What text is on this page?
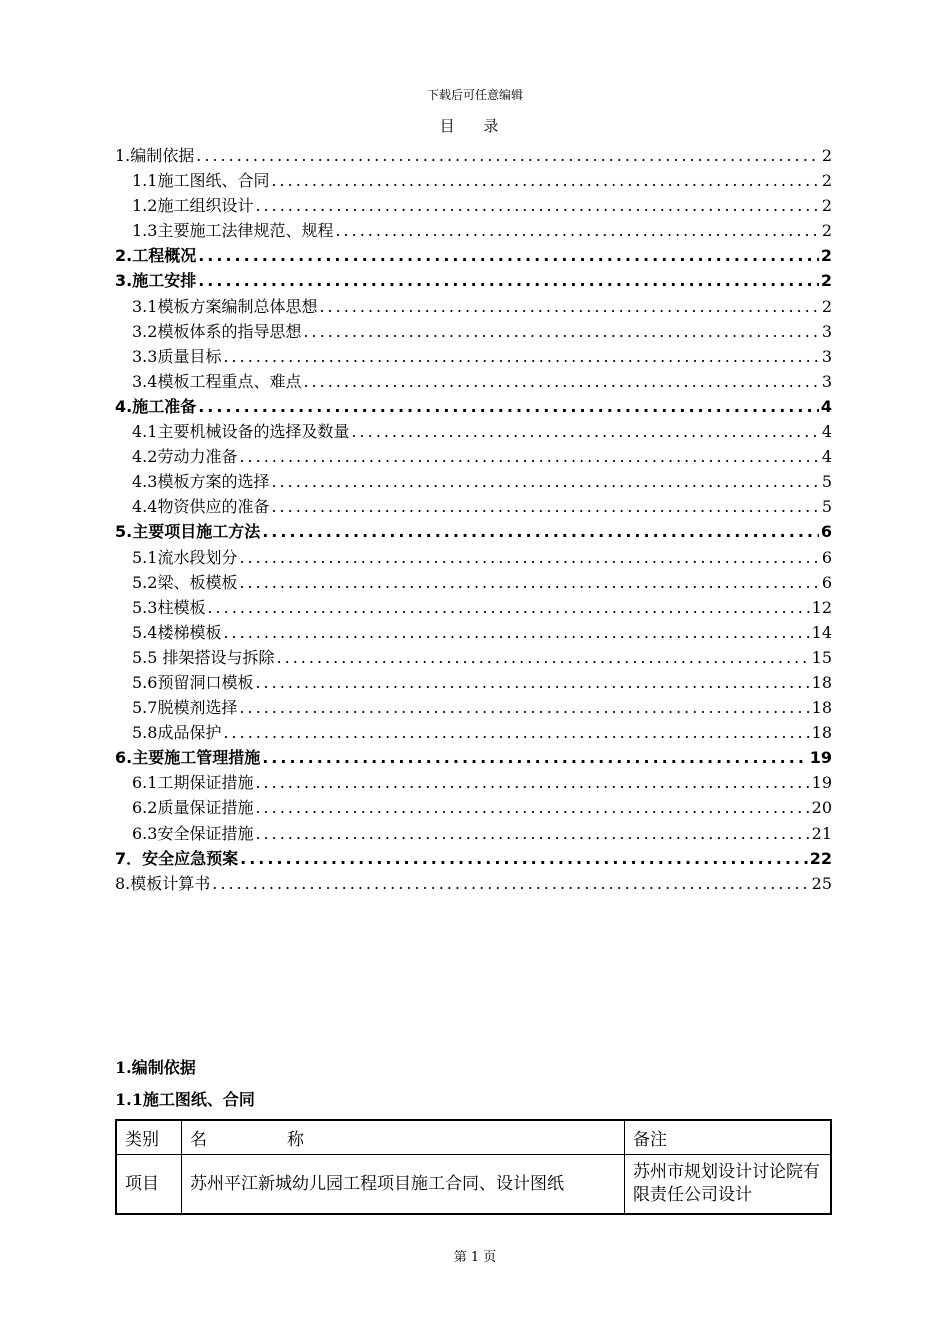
下载后可任意编辑
目 录
1.编制依据 .....	2
1.1施工图纸、合同 .....	2
1.2施工组织设计 .....	2
1.3主要施工法律规范、规程 .....	2
2.工程概况 .....	2
3.施工安排 .....	2
3.1模板方案编制总体思想 .....	2
3.2模板体系的指导思想 .....	3
3.3质量目标 .....	3
3.4模板工程重点、难点 .....	3
4.施工准备 .....	4
4.1主要机械设备的选择及数量 .....	4
4.2劳动力准备 .....	4
4.3模板方案的选择 .....	5
4.4物资供应的准备 .....	5
5.主要项目施工方法 .....	6
5.1流水段划分 .....	6
5.2梁、板模板 .....	6
5.3柱模板 .....	12
5.4楼梯模板 .....	14
5.5 排架搭设与拆除 .....	15
5.6预留洞口模板 .....	18
5.7脱模剂选择 .....	18
5.8成品保护 .....	18
6.主要施工管理措施 .....	19
6.1工期保证措施 .....	19
6.2质量保证措施 .....	20
6.3安全保证措施 .....	21
7．安全应急预案 .....	22
8.模板计算书 .....	25
1.编制依据
1.1施工图纸、合同
类别	名 称	备注
项目	苏州平江新城幼儿园工程项目施工合同、设计图纸	苏州市规划设计讨论院有限责任公司设计
第 1 页
